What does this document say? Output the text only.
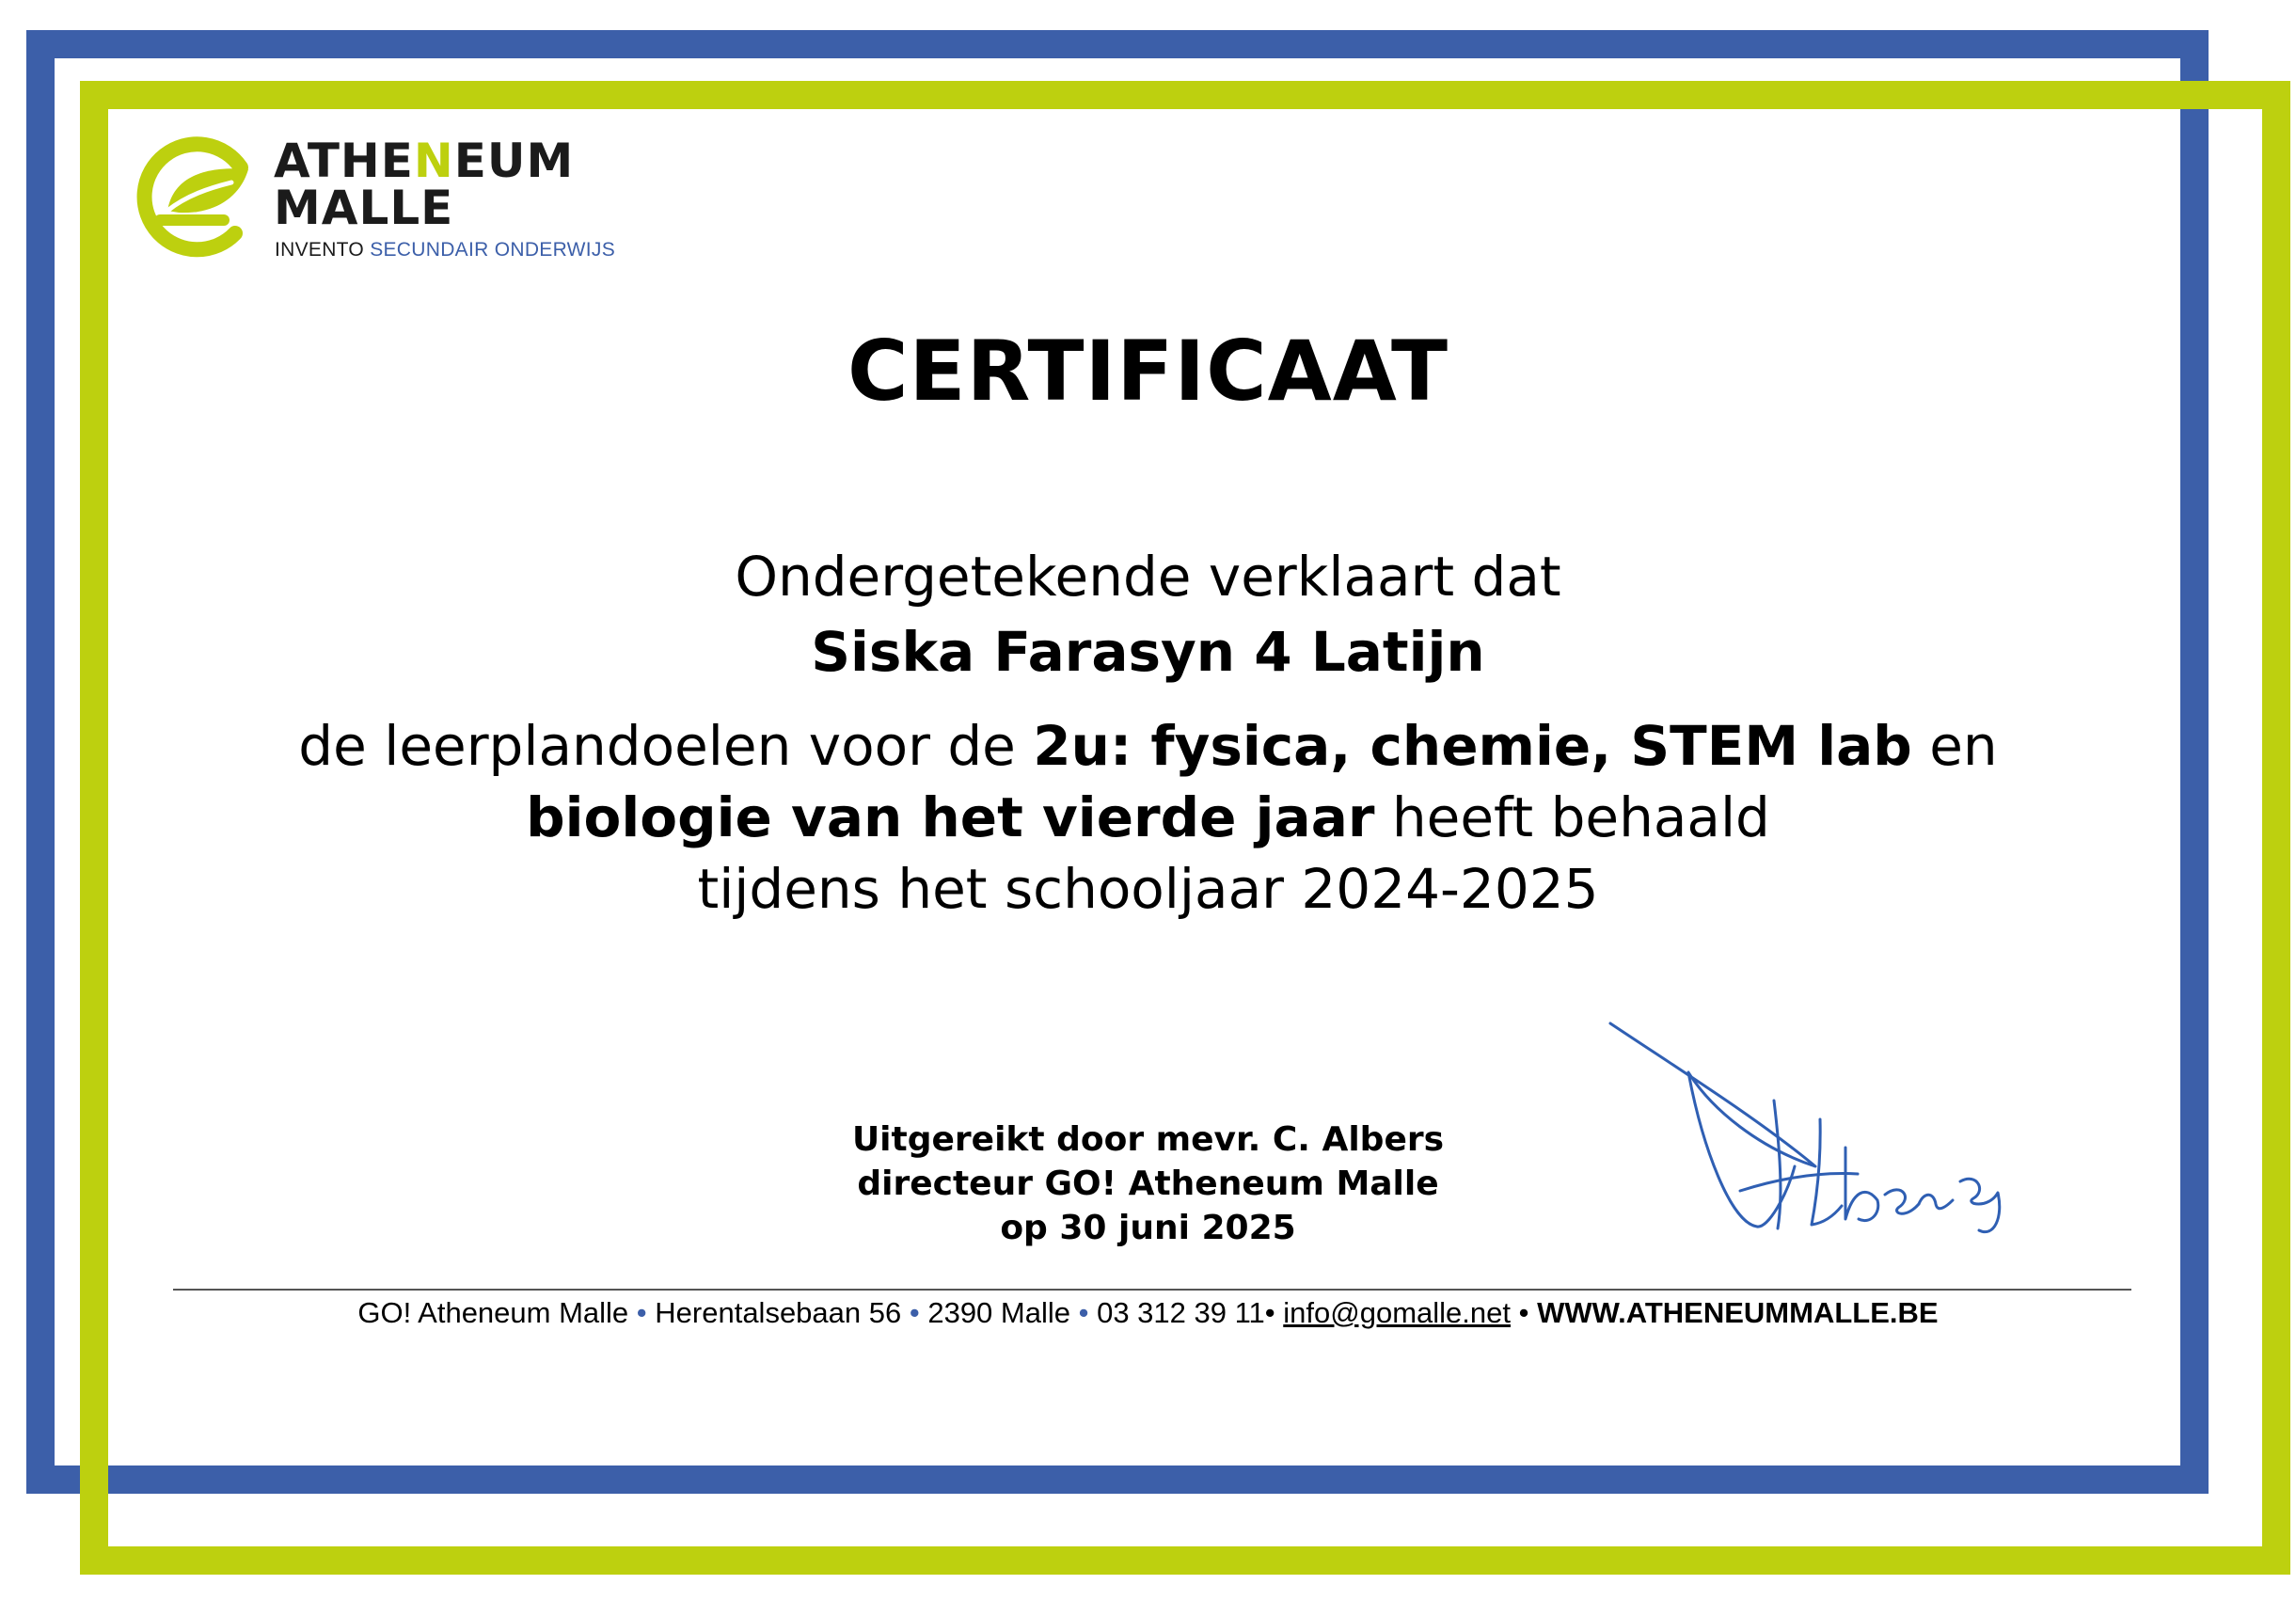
ATHENEUM
MALLE
INVENTO SECUNDAIR ONDERWIJS
CERTIFICAAT
Ondergetekende verklaart dat
Siska Farasyn 4 Latijn
de leerplandoelen voor de 2u: fysica, chemie, STEM lab en
biologie van het vierde jaar heeft behaald
tijdens het schooljaar 2024-2025
Uitgereikt door mevr. C. Albers
directeur GO! Atheneum Malle
op 30 juni 2025
GO! Atheneum Malle • Herentalsebaan 56 • 2390 Malle • 03 312 39 11• info@gomalle.net • WWW.ATHENEUMMALLE.BE
